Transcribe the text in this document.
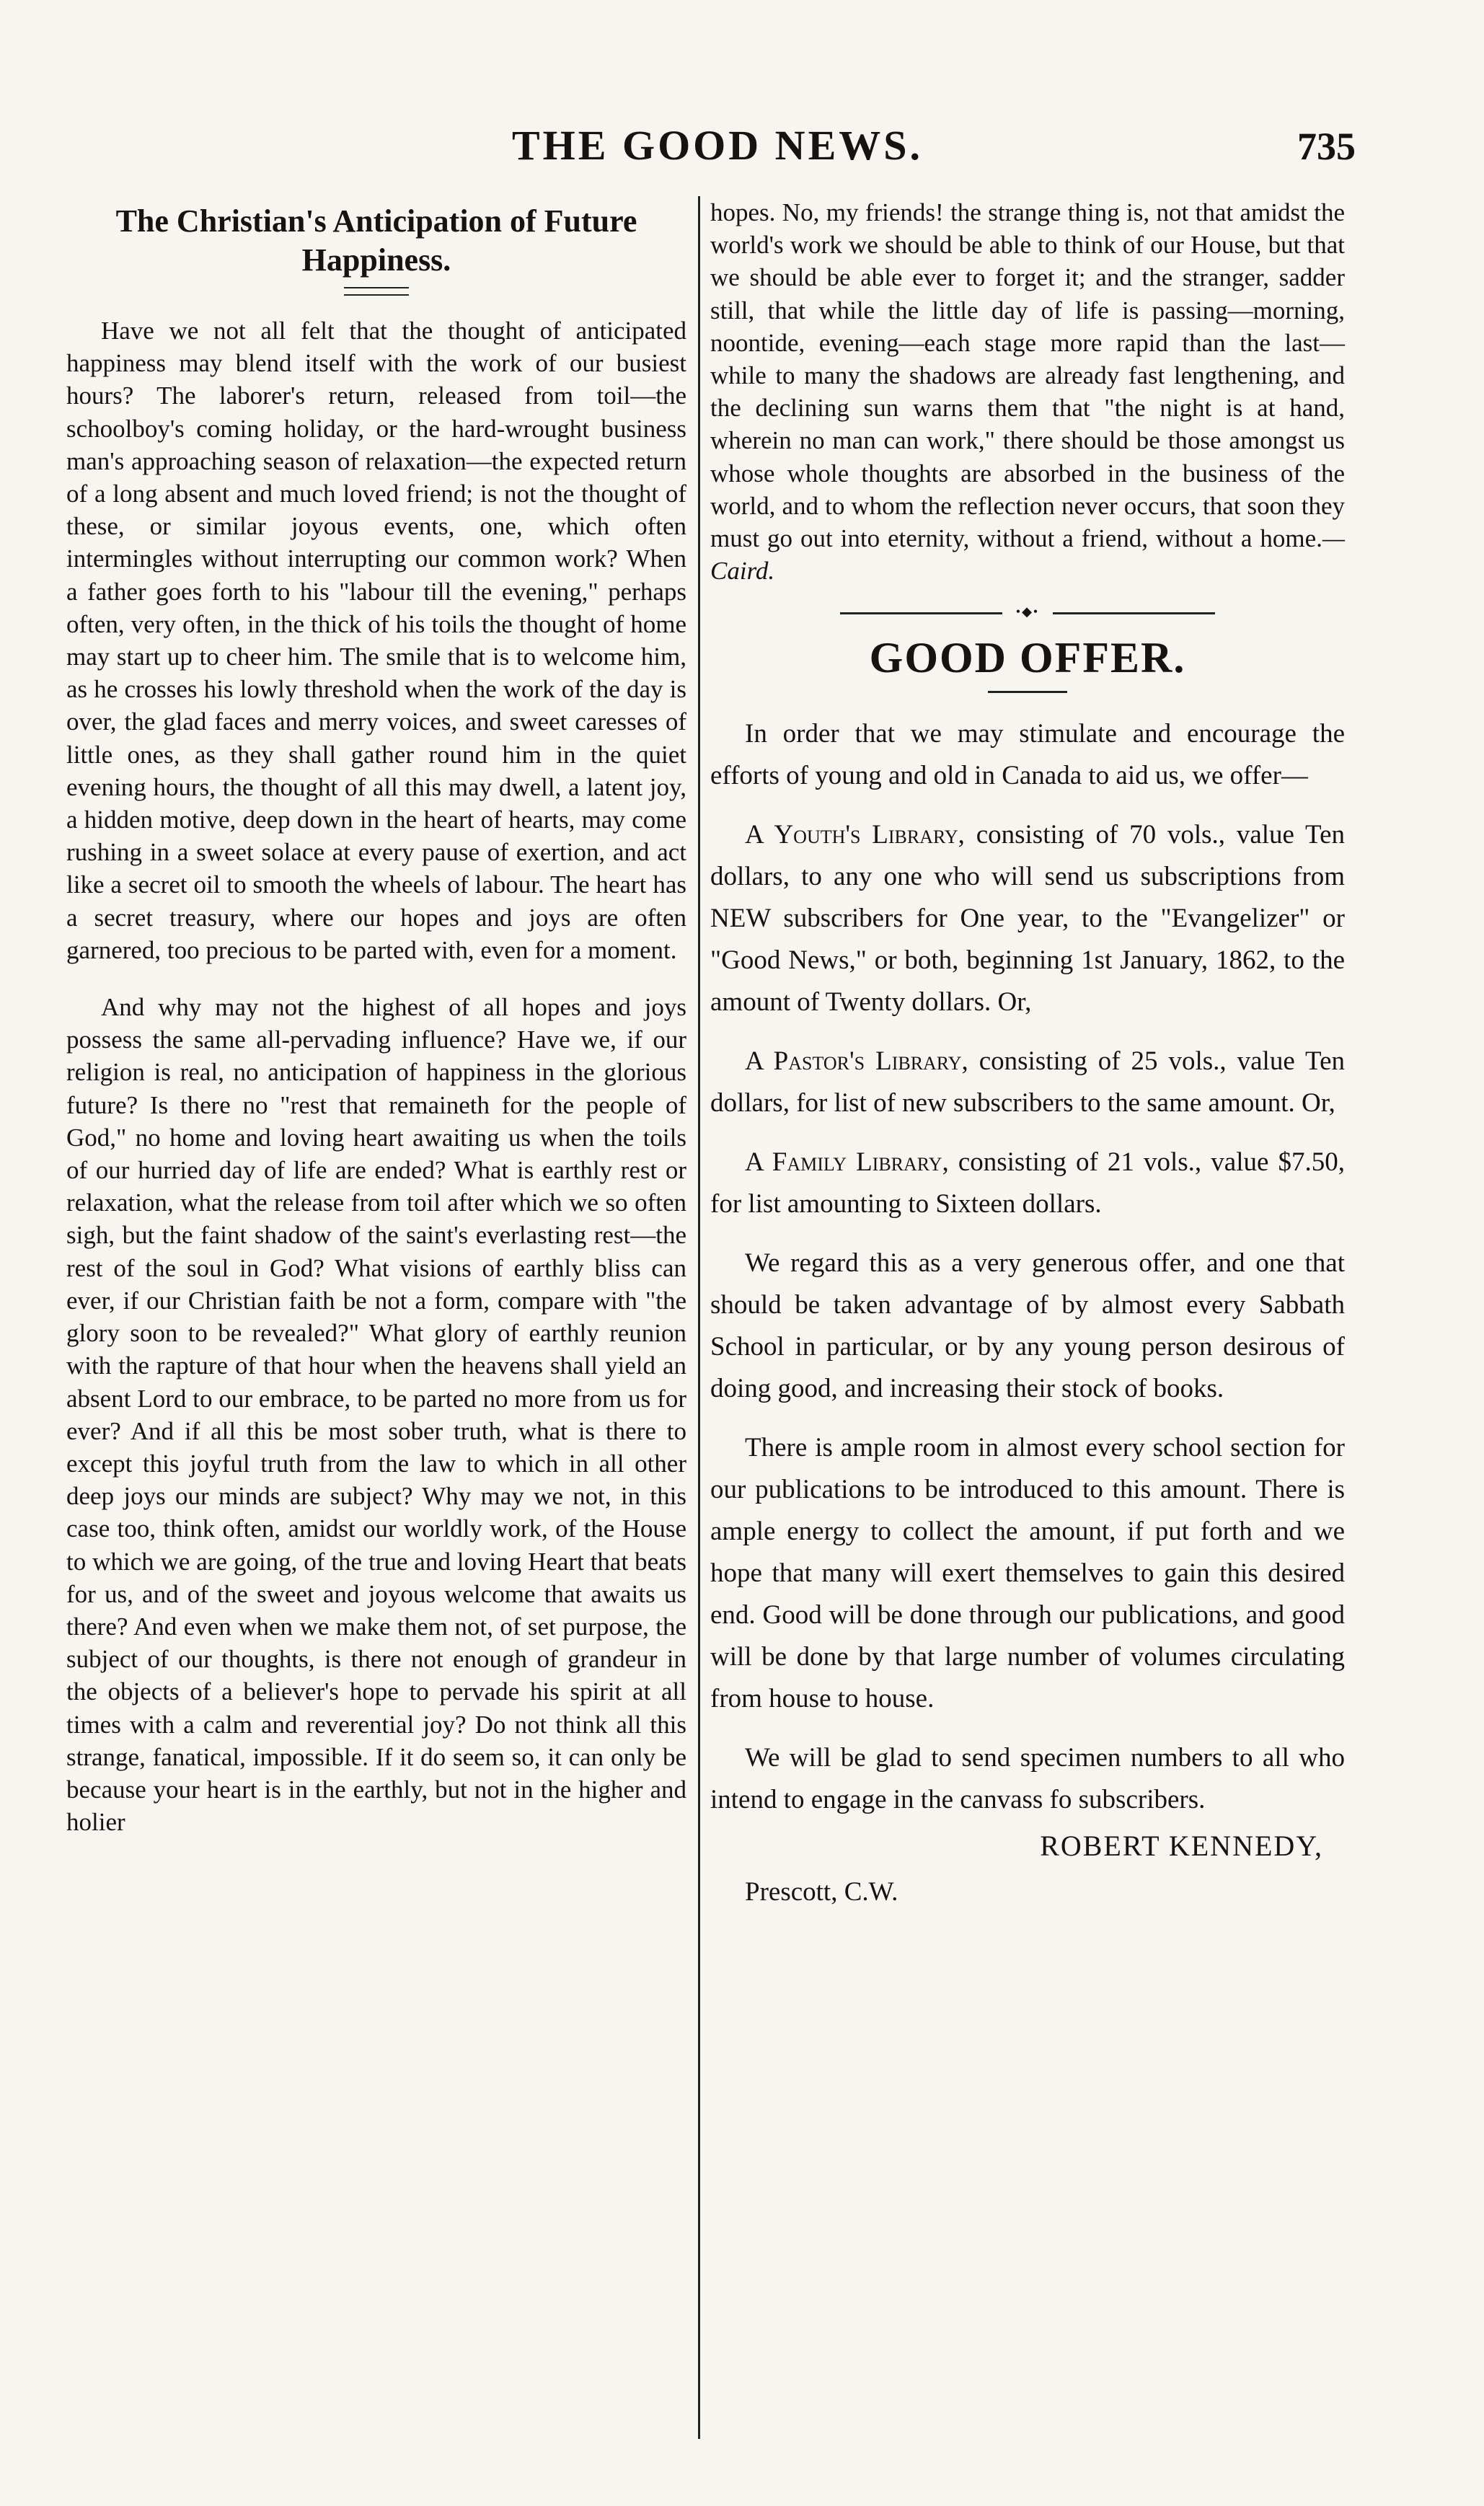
THE GOOD NEWS.	735
The Christian's Anticipation of Future Happiness.

Have we not all felt that the thought of anticipated happiness may blend itself with the work of our busiest hours? The laborer's return, released from toil—the schoolboy's coming holiday, or the hard-wrought business man's approaching season of relaxation—the expected return of a long absent and much loved friend; is not the thought of these, or similar joyous events, one, which often intermingles without interrupting our common work? When a father goes forth to his "labour till the evening," perhaps often, very often, in the thick of his toils the thought of home may start up to cheer him. The smile that is to welcome him, as he crosses his lowly threshold when the work of the day is over, the glad faces and merry voices, and sweet caresses of little ones, as they shall gather round him in the quiet evening hours, the thought of all this may dwell, a latent joy, a hidden motive, deep down in the heart of hearts, may come rushing in a sweet solace at every pause of exertion, and act like a secret oil to smooth the wheels of labour. The heart has a secret treasury, where our hopes and joys are often garnered, too precious to be parted with, even for a moment.

And why may not the highest of all hopes and joys possess the same all-pervading influence? Have we, if our religion is real, no anticipation of happiness in the glorious future? Is there no "rest that remaineth for the people of God," no home and loving heart awaiting us when the toils of our hurried day of life are ended? What is earthly rest or relaxation, what the release from toil after which we so often sigh, but the faint shadow of the saint's everlasting rest—the rest of the soul in God? What visions of earthly bliss can ever, if our Christian faith be not a form, compare with "the glory soon to be revealed?" What glory of earthly reunion with the rapture of that hour when the heavens shall yield an absent Lord to our embrace, to be parted no more from us for ever? And if all this be most sober truth, what is there to except this joyful truth from the law to which in all other deep joys our minds are subject? Why may we not, in this case too, think often, amidst our worldly work, of the House to which we are going, of the true and loving Heart that beats for us, and of the sweet and joyous welcome that awaits us there? And even when we make them not, of set purpose, the subject of our thoughts, is there not enough of grandeur in the objects of a believer's hope to pervade his spirit at all times with a calm and reverential joy? Do not think all this strange, fanatical, impossible. If it do seem so, it can only be because your heart is in the earthly, but not in the higher and holier

hopes. No, my friends! the strange thing is, not that amidst the world's work we should be able to think of our House, but that we should be able ever to forget it; and the stranger, sadder still, that while the little day of life is passing—morning, noontide, evening—each stage more rapid than the last—while to many the shadows are already fast lengthening, and the declining sun warns them that "the night is at hand, wherein no man can work," there should be those amongst us whose whole thoughts are absorbed in the business of the world, and to whom the reflection never occurs, that soon they must go out into eternity, without a friend, without a home.—Caird.

•◆•
GOOD OFFER.

In order that we may stimulate and encourage the efforts of young and old in Canada to aid us, we offer—

A Youth's Library, consisting of 70 vols., value Ten dollars, to any one who will send us subscriptions from NEW subscribers for One year, to the "Evangelizer" or "Good News," or both, beginning 1st January, 1862, to the amount of Twenty dollars. Or,

A Pastor's Library, consisting of 25 vols., value Ten dollars, for list of new subscribers to the same amount. Or,

A Family Library, consisting of 21 vols., value $7.50, for list amounting to Sixteen dollars.

We regard this as a very generous offer, and one that should be taken advantage of by almost every Sabbath School in particular, or by any young person desirous of doing good, and increasing their stock of books.

There is ample room in almost every school section for our publications to be introduced to this amount. There is ample energy to collect the amount, if put forth and we hope that many will exert themselves to gain this desired end. Good will be done through our publications, and good will be done by that large number of volumes circulating from house to house.

We will be glad to send specimen numbers to all who intend to engage in the canvass fo subscribers.

ROBERT KENNEDY,

Prescott, C.W.
